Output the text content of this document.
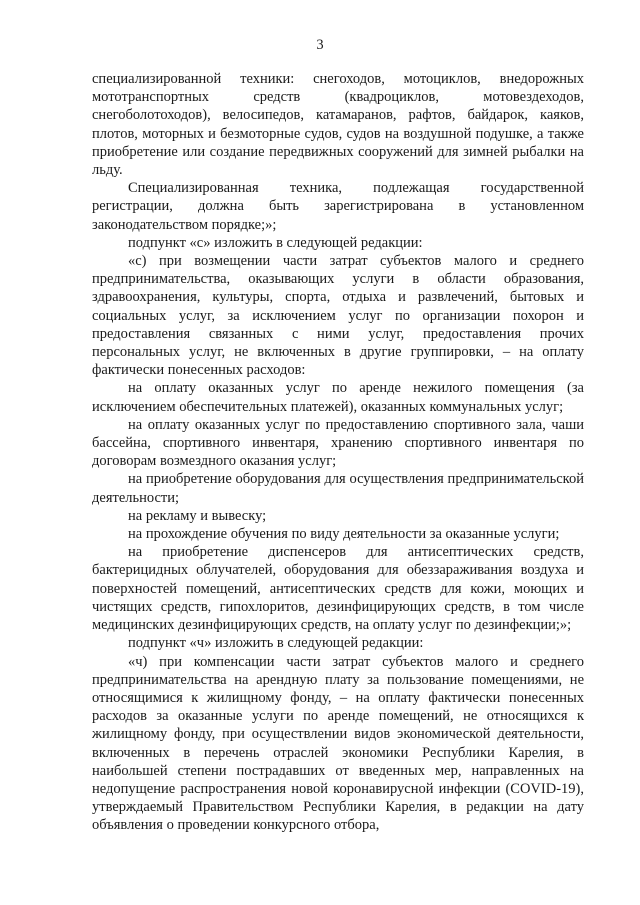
3

специализированной техники: снегоходов, мотоциклов, внедорожных мототранспортных средств (квадроциклов, мотовездеходов, снегоболотоходов), велосипедов, катамаранов, рафтов, байдарок, каяков, плотов, моторных и безмоторные судов, судов на воздушной подушке, а также приобретение или создание передвижных сооружений для зимней рыбалки на льду.

Специализированная техника, подлежащая государственной регистрации, должна быть зарегистрирована в установленном законодательством порядке;»;

подпункт «с» изложить в следующей редакции:

«с) при возмещении части затрат субъектов малого и среднего предпринимательства, оказывающих услуги в области образования, здравоохранения, культуры, спорта, отдыха и развлечений, бытовых и социальных услуг, за исключением услуг по организации похорон и предоставления связанных с ними услуг, предоставления прочих персональных услуг, не включенных в другие группировки, – на оплату фактически понесенных расходов:

на оплату оказанных услуг по аренде нежилого помещения (за исключением обеспечительных платежей), оказанных коммунальных услуг;

на оплату оказанных услуг по предоставлению спортивного зала, чаши бассейна, спортивного инвентаря, хранению спортивного инвентаря по договорам возмездного оказания услуг;

на приобретение оборудования для осуществления предпринимательской деятельности;

на рекламу и вывеску;

на прохождение обучения по виду деятельности за оказанные услуги;

на приобретение диспенсеров для антисептических средств, бактерицидных облучателей, оборудования для обеззараживания воздуха и поверхностей помещений, антисептических средств для кожи, моющих и чистящих средств, гипохлоритов, дезинфицирующих средств, в том числе медицинских дезинфицирующих средств, на оплату услуг по дезинфекции;»;

подпункт «ч» изложить в следующей редакции:

«ч) при компенсации части затрат субъектов малого и среднего предпринимательства на арендную плату за пользование помещениями, не относящимися к жилищному фонду, – на оплату фактически понесенных расходов за оказанные услуги по аренде помещений, не относящихся к жилищному фонду, при осуществлении видов экономической деятельности, включенных в перечень отраслей экономики Республики Карелия, в наибольшей степени пострадавших от введенных мер, направленных на недопущение распространения новой коронавирусной инфекции (COVID-19), утверждаемый Правительством Республики Карелия, в редакции на дату объявления о проведении конкурсного отбора,
